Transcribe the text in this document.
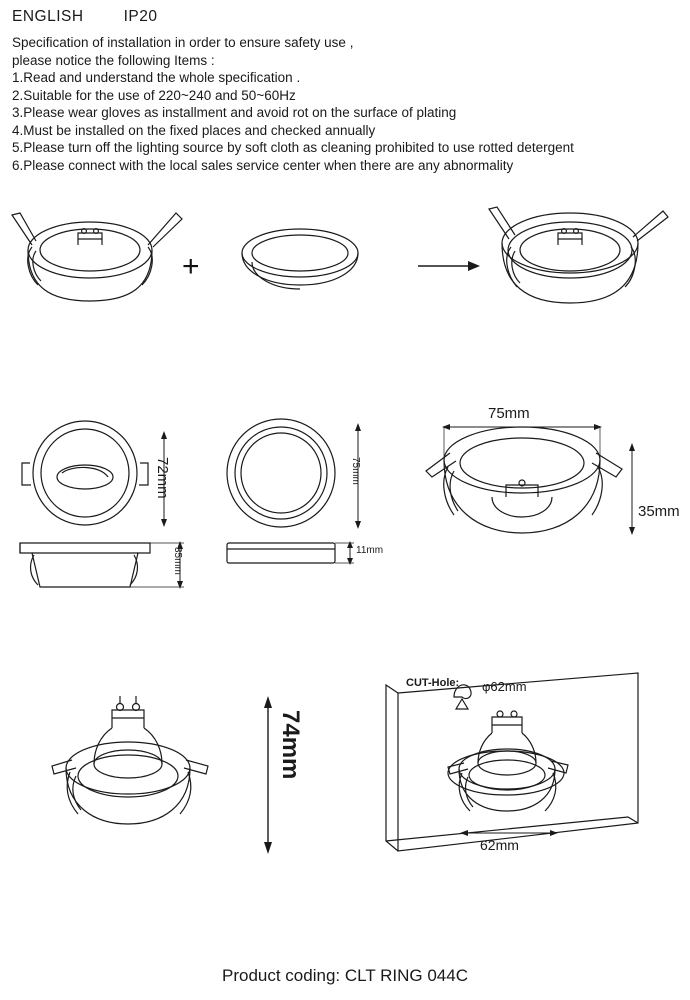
ENGLISH	IP20
Specification of installation in order to ensure safety use ,
please notice the following Items :
1.Read and understand the whole specification .
2.Suitable for the use of 220~240 and 50~60Hz
3.Please wear gloves as installment and avoid rot on the surface of plating
4.Must be installed on the fixed places and checked annually
5.Please turn off the lighting source by soft cloth as cleaning prohibited to use rotted detergent
6.Please connect with the local sales service center when there are any abnormality
+
72mm
35mm
75mm
11mm
75mm
35mm
74mm
CUT-Hole: φ62mm
62mm
Product coding: CLT RING 044C
